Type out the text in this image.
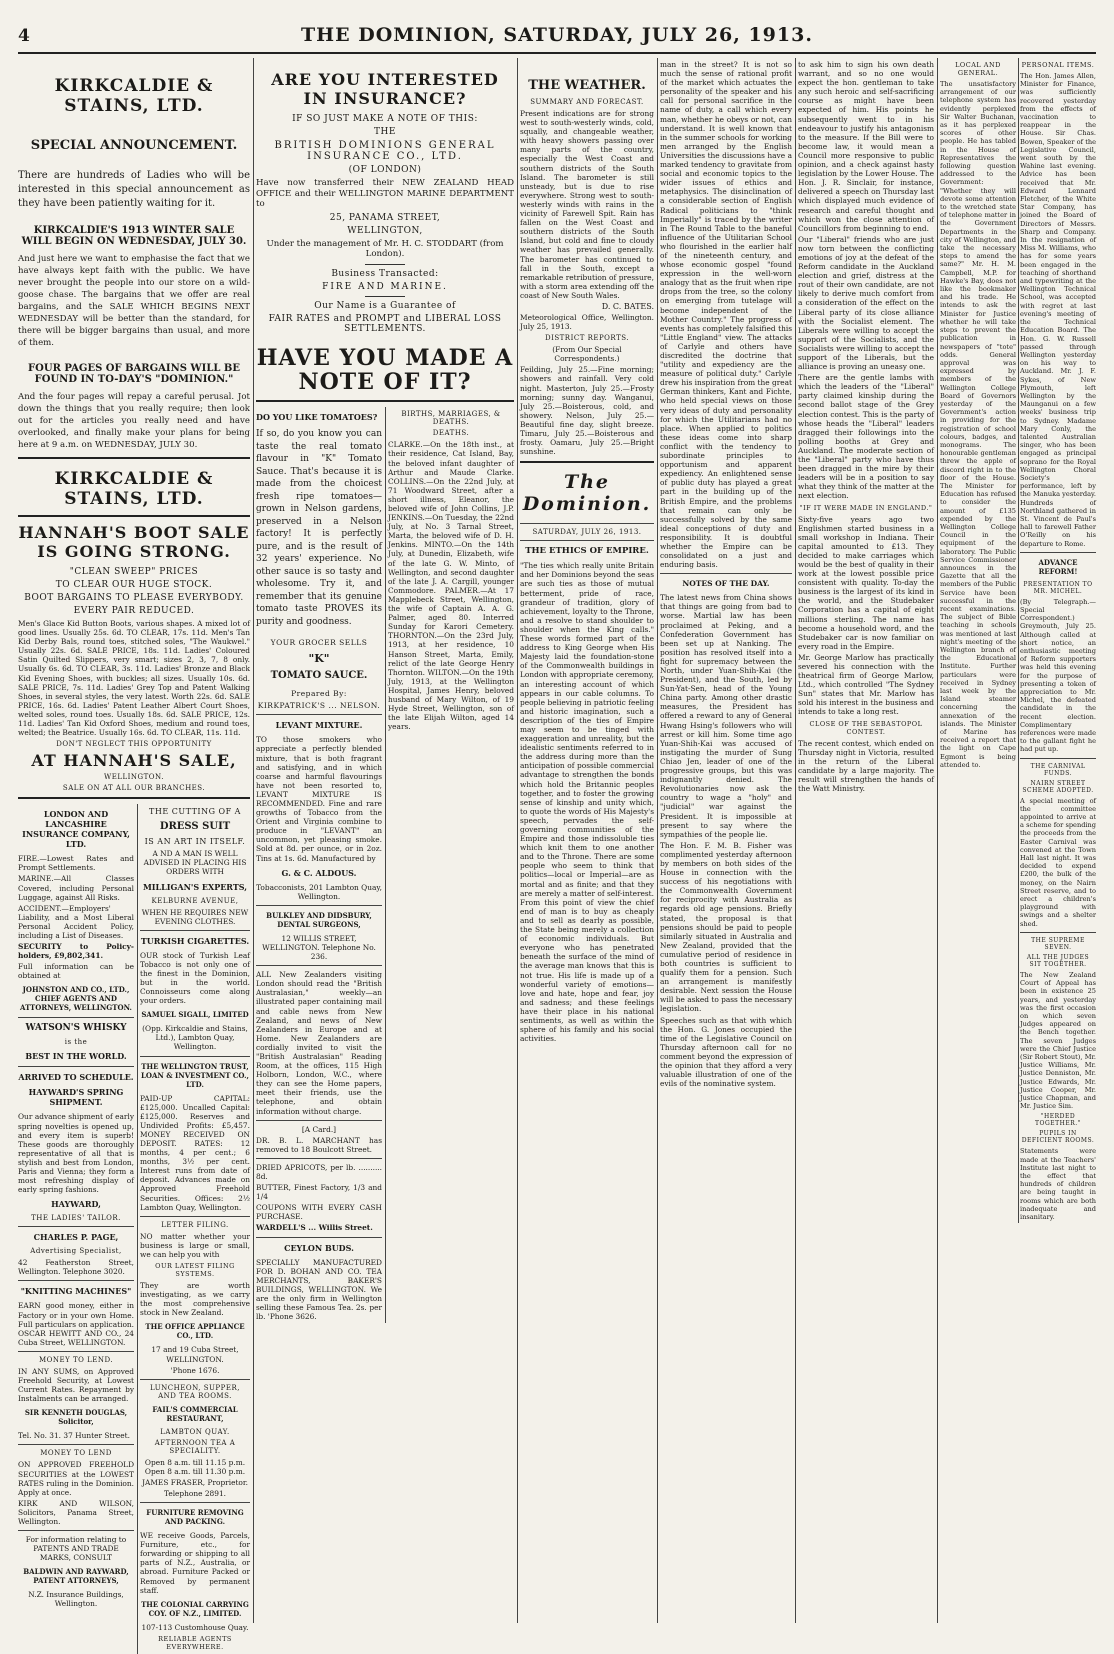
4	THE DOMINION, SATURDAY, JULY 26, 1913.
KIRKCALDIE & STAINS, LTD.
SPECIAL ANNOUNCEMENT.
There are hundreds of Ladies who will be interested in this special announcement as they have been patiently waiting for it.
KIRKCALDIE'S 1913 WINTER SALE WILL BEGIN ON WEDNESDAY, JULY 30.
And just here we want to emphasise the fact that we have always kept faith with the public. We have never brought the people into our store on a wild-goose chase. The bargains that we offer are real bargains, and the SALE WHICH BEGINS NEXT WEDNESDAY will be better than the standard, for there will be bigger bargains than usual, and more of them.
FOUR PAGES OF BARGAINS WILL BE FOUND IN TO-DAY'S "DOMINION."
And the four pages will repay a careful perusal. Jot down the things that you really require; then look out for the articles you really need and have overlooked, and finally make your plans for being here at 9 a.m. on WEDNESDAY, JULY 30.
KIRKCALDIE & STAINS, LTD.
HANNAH'S BOOT SALE IS GOING STRONG.
"CLEAN SWEEP" PRICES
TO CLEAR OUR HUGE STOCK.
BOOT BARGAINS TO PLEASE EVERYBODY.
EVERY PAIR REDUCED.
Men's Glace Kid Button Boots, various shapes. A mixed lot of good lines. Usually 25s. 6d. TO CLEAR, 17s. 11d. Men's Tan Kid Derby Bals, round toes, stitched soles, "The Waukwel." Usually 22s. 6d. SALE PRICE, 18s. 11d. Ladies' Coloured Satin Quilted Slippers, very smart; sizes 2, 3, 7, 8 only. Usually 6s. 6d. TO CLEAR, 3s. 11d. Ladies' Bronze and Black Kid Evening Shoes, with buckles; all sizes. Usually 10s. 6d. SALE PRICE, 7s. 11d. Ladies' Grey Top and Patent Walking Shoes, in several styles, the very latest. Worth 22s. 6d. SALE PRICE, 16s. 6d. Ladies' Patent Leather Albert Court Shoes, welted soles, round toes. Usually 18s. 6d. SALE PRICE, 12s. 11d. Ladies' Tan Kid Oxford Shoes, medium and round toes, welted; the Beatrice. Usually 16s. 6d. TO CLEAR, 11s. 11d.
DON'T NEGLECT THIS OPPORTUNITY
AT HANNAH'S SALE,
WELLINGTON.
SALE ON AT ALL OUR BRANCHES.
LONDON AND LANCASHIRE INSURANCE COMPANY, LTD.
FIRE.—Lowest Rates and Prompt Settlements.
MARINE.—All Classes Covered, including Personal Luggage, against All Risks.
ACCIDENT.—Employers' Liability, and a Most Liberal Personal Accident Policy, including a List of Diseases.
SECURITY to Policy-holders, £9,802,341.
Full information can be obtained at
JOHNSTON AND CO., LTD., CHIEF AGENTS AND ATTORNEYS, WELLINGTON.
WATSON'S WHISKY
is the
BEST IN THE WORLD.
ARRIVED TO SCHEDULE.
HAYWARD'S SPRING SHIPMENT.
Our advance shipment of early spring novelties is opened up, and every item is superb! These goods are thoroughly representative of all that is stylish and best from London, Paris and Vienna; they form a most refreshing display of early spring fashions.
HAYWARD,
THE LADIES' TAILOR.
CHARLES P. PAGE,
Advertising Specialist,
42 Featherston Street, Wellington. Telephone 3020.
"KNITTING MACHINES"
EARN good money, either in Factory or in your own Home. Full particulars on application. OSCAR HEWITT AND CO., 24 Cuba Street, WELLINGTON.
MONEY TO LEND.
IN ANY SUMS, on Approved Freehold Security, at Lowest Current Rates. Repayment by Instalments can be arranged.
SIR KENNETH DOUGLAS, Solicitor,
Tel. No. 31. 37 Hunter Street.
MONEY TO LEND
ON APPROVED FREEHOLD SECURITIES at the LOWEST RATES ruling in the Dominion. Apply at once.
KIRK AND WILSON, Solicitors, Panama Street, Wellington.
For information relating to PATENTS AND TRADE MARKS, CONSULT
BALDWIN AND RAYWARD, PATENT ATTORNEYS,
N.Z. Insurance Buildings, Wellington.
THE CUTTING OF A
DRESS SUIT
IS AN ART IN ITSELF.
A ND A MAN IS WELL ADVISED IN PLACING HIS ORDERS WITH
MILLIGAN'S EXPERTS,
KELBURNE AVENUE,
WHEN HE REQUIRES NEW EVENING CLOTHES.
TURKISH CIGARETTES.
OUR stock of Turkish Leaf Tobacco is not only one of the finest in the Dominion, but in the world. Connoisseurs come along your orders.
SAMUEL SIGALL, LIMITED
(Opp. Kirkcaldie and Stains, Ltd.), Lambton Quay, Wellington.
THE WELLINGTON TRUST, LOAN & INVESTMENT CO., LTD.
PAID-UP CAPITAL: £125,000. Uncalled Capital: £125,000. Reserves and Undivided Profits: £5,457. MONEY RECEIVED ON DEPOSIT. RATES: 12 months, 4 per cent.; 6 months, 3½ per cent. Interest runs from date of deposit. Advances made on Approved Freehold Securities. Offices: 2½ Lambton Quay, Wellington.
LETTER FILING.
NO matter whether your business is large or small, we can help you with
OUR LATEST FILING SYSTEMS.
They are worth investigating, as we carry the most comprehensive stock in New Zealand.
THE OFFICE APPLIANCE CO., LTD.
17 and 19 Cuba Street, WELLINGTON.
'Phone 1676.
LUNCHEON, SUPPER, AND TEA ROOMS.
FAIL'S COMMERCIAL RESTAURANT,
LAMBTON QUAY.
AFTERNOON TEA A SPECIALITY.
Open 8 a.m. till 11.15 p.m. Open 8 a.m. till 11.30 p.m.
JAMES FRASER, Proprietor.
Telephone 2891.
FURNITURE REMOVING AND PACKING.
WE receive Goods, Parcels, Furniture, etc., for forwarding or shipping to all parts of N.Z., Australia, or abroad. Furniture Packed or Removed by permanent staff.
THE COLONIAL CARRYING COY. OF N.Z., LIMITED.
107-113 Customhouse Quay.
RELIABLE AGENTS EVERYWHERE.
ARE YOU INTERESTED IN INSURANCE?
IF SO JUST MAKE A NOTE OF THIS:
THE
BRITISH DOMINIONS GENERAL INSURANCE CO., LTD.
(OF LONDON)
Have now transferred their NEW ZEALAND HEAD OFFICE and their WELLINGTON MARINE DEPARTMENT to
25, PANAMA STREET,
WELLINGTON,
Under the management of Mr. H. C. STODDART (from London).
Business Transacted:
FIRE AND MARINE.
Our Name is a Guarantee of
FAIR RATES and PROMPT and LIBERAL LOSS SETTLEMENTS.
HAVE YOU MADE A NOTE OF IT?
DO YOU LIKE TOMATOES?
If so, do you know you can taste the real tomato flavour in "K" Tomato Sauce. That's because it is made from the choicest fresh ripe tomatoes—grown in Nelson gardens, preserved in a Nelson factory! It is perfectly pure, and is the result of 32 years' experience. No other sauce is so tasty and wholesome. Try it, and remember that its genuine tomato taste PROVES its purity and goodness.
YOUR GROCER SELLS
"K"
TOMATO SAUCE.
Prepared By:
KIRKPATRICK'S ... NELSON.
LEVANT MIXTURE.
TO those smokers who appreciate a perfectly blended mixture, that is both fragrant and satisfying, and in which coarse and harmful flavourings have not been resorted to, LEVANT MIXTURE IS RECOMMENDED. Fine and rare growths of Tobacco from the Orient and Virginia combine to produce in "LEVANT" an uncommon, yet pleasing smoke. Sold at 8d. per ounce, or in 2oz. Tins at 1s. 6d. Manufactured by
G. & C. ALDOUS.
Tobacconists, 201 Lambton Quay, Wellington.
BULKLEY AND DIDSBURY, DENTAL SURGEONS,
12 WILLIS STREET, WELLINGTON. Telephone No. 236.
ALL New Zealanders visiting London should read the "British Australasian," weekly—an illustrated paper containing mail and cable news from New Zealand, and news of New Zealanders in Europe and at Home. New Zealanders are cordially invited to visit the "British Australasian" Reading Room, at the offices, 115 High Holborn, London, W.C., where they can see the Home papers, meet their friends, use the telephone, and obtain information without charge.
[A Card.]
DR. B. L. MARCHANT has removed to 18 Boulcott Street.
DRIED APRICOTS, per lb. .......... 8d.
BUTTER, Finest Factory, 1/3 and 1/4
COUPONS WITH EVERY CASH PURCHASE.
WARDELL'S ... Willis Street.
CEYLON BUDS.
SPECIALLY MANUFACTURED FOR D. BOHAN AND CO. TEA MERCHANTS, BAKER'S BUILDINGS, WELLINGTON. We are the only firm in Wellington selling these Famous Tea. 2s. per lb. 'Phone 3626.
BIRTHS, MARRIAGES, & DEATHS.
DEATHS.
CLARKE.—On the 18th inst., at their residence, Cat Island, Bay, the beloved infant daughter of Arthur and Maude Clarke. COLLINS.—On the 22nd July, at 71 Woodward Street, after a short illness, Eleanor, the beloved wife of John Collins, J.P. JENKINS.—On Tuesday, the 22nd July, at No. 3 Tarnal Street, Marta, the beloved wife of D. H. Jenkins. MINTO.—On the 14th July, at Dunedin, Elizabeth, wife of the late G. W. Minto, of Wellington, and second daughter of the late J. A. Cargill, younger Commodore. PALMER.—At 17 Mapplebeck Street, Wellington, the wife of Captain A. A. G. Palmer, aged 80. Interred Sunday for Karori Cemetery. THORNTON.—On the 23rd July, 1913, at her residence, 10 Hanson Street, Marta, Emily, relict of the late George Henry Thornton. WILTON.—On the 19th July, 1913, at the Wellington Hospital, James Henry, beloved husband of Mary Wilton, of 19 Hyde Street, Wellington, son of the late Elijah Wilton, aged 14 years.
THE WEATHER.
SUMMARY AND FORECAST.
Present indications are for strong west to south-westerly winds, cold, squally, and changeable weather, with heavy showers passing over many parts of the country, especially the West Coast and southern districts of the South Island. The barometer is still unsteady, but is due to rise everywhere. Strong west to south-westerly winds with rains in the vicinity of Farewell Spit. Rain has fallen on the West Coast and southern districts of the South Island, but cold and fine to cloudy weather has prevailed generally. The barometer has continued to fall in the South, except a remarkable retribution of pressure, with a storm area extending off the coast of New South Wales.
D. C. BATES.
Meteorological Office, Wellington. July 25, 1913.
DISTRICT REPORTS.
(From Our Special Correspondents.)
Feilding, July 25.—Fine morning; showers and rainfall. Very cold night. Masterton, July 25.—Frosty morning; sunny day. Wanganui, July 25.—Boisterous, cold, and showery. Nelson, July 25.—Beautiful fine day, slight breeze. Timaru, July 25.—Boisterous and frosty. Oamaru, July 25.—Bright sunshine.
The Dominion.
SATURDAY, JULY 26, 1913.
THE ETHICS OF EMPIRE.
"The ties which really unite Britain and her Dominions beyond the seas are such ties as those of mutual betterment, pride of race, grandeur of tradition, glory of achievement, loyalty to the Throne, and a resolve to stand shoulder to shoulder when the King calls." These words formed part of the address to King George when His Majesty laid the foundation-stone of the Commonwealth buildings in London with appropriate ceremony, an interesting account of which appears in our cable columns. To people believing in patriotic feeling and historic imagination, such a description of the ties of Empire may seem to be tinged with exaggeration and unreality, but the idealistic sentiments referred to in the address during more than the anticipation of possible commercial advantage to strengthen the bonds which hold the Britannic peoples together, and to foster the growing sense of kinship and unity which, to quote the words of His Majesty's speech, pervades the self-governing communities of the Empire and those indissoluble ties which knit them to one another and to the Throne. There are some people who seem to think that politics—local or Imperial—are as mortal and as finite; and that they are merely a matter of self-interest. From this point of view the chief end of man is to buy as cheaply and to sell as dearly as possible, the State being merely a collection of economic individuals. But everyone who has penetrated beneath the surface of the mind of the average man knows that this is not true. His life is made up of a wonderful variety of emotions—love and hate, hope and fear, joy and sadness; and these feelings have their place in his national sentiments, as well as within the sphere of his family and his social activities.
man in the street? It is not so much the sense of rational profit of the market which actuates the personality of the speaker and his call for personal sacrifice in the name of duty, a call which every man, whether he obeys or not, can understand. It is well known that in the summer schools for working men arranged by the English Universities the discussions have a marked tendency to gravitate from social and economic topics to the wider issues of ethics and metaphysics. The disinclination of a considerable section of English Radical politicians to "think Imperially" is traced by the writer in The Round Table to the baneful influence of the Utilitarian School who flourished in the earlier half of the nineteenth century, and whose economic gospel "found expression in the well-worn analogy that as the fruit when ripe drops from the tree, so the colony on emerging from tutelage will become independent of the Mother Country." The progress of events has completely falsified this "Little England" view. The attacks of Carlyle and others have discredited the doctrine that "utility and expediency are the measure of political duty." Carlyle drew his inspiration from the great German thinkers, Kant and Fichte, who held special views on those very ideas of duty and personality for which the Utilitarians had no place. When applied to politics these ideas come into sharp conflict with the tendency to subordinate principles to opportunism and apparent expediency. An enlightened sense of public duty has played a great part in the building up of the British Empire, and the problems that remain can only be successfully solved by the same ideal conceptions of duty and responsibility. It is doubtful whether the Empire can be consolidated on a just and enduring basis.
NOTES OF THE DAY.
The latest news from China shows that things are going from bad to worse. Martial law has been proclaimed at Peking, and a Confederation Government has been set up at Nanking. The position has resolved itself into a fight for supremacy between the North, under Yuan-Shih-Kai (the President), and the South, led by Sun-Yat-Sen, head of the Young China party. Among other drastic measures, the President has offered a reward to any of General Hwang Hsing's followers who will arrest or kill him. Some time ago Yuan-Shih-Kai was accused of instigating the murder of Sung Chiao Jen, leader of one of the progressive groups, but this was indignantly denied. The Revolutionaries now ask the country to wage a "holy" and "judicial" war against the President. It is impossible at present to say where the sympathies of the people lie.
The Hon. F. M. B. Fisher was complimented yesterday afternoon by members on both sides of the House in connection with the success of his negotiations with the Commonwealth Government for reciprocity with Australia as regards old age pensions. Briefly stated, the proposal is that pensions should be paid to people similarly situated in Australia and New Zealand, provided that the cumulative period of residence in both countries is sufficient to qualify them for a pension. Such an arrangement is manifestly desirable. Next session the House will be asked to pass the necessary legislation.
Speeches such as that with which the Hon. G. Jones occupied the time of the Legislative Council on Thursday afternoon call for no comment beyond the expression of the opinion that they afford a very valuable illustration of one of the evils of the nominative system.
to ask him to sign his own death warrant, and so no one would expect the hon. gentleman to take any such heroic and self-sacrificing course as might have been expected of him. His points he subsequently went to in his endeavour to justify his antagonism to the measure. If the Bill were to become law, it would mean a Council more responsive to public opinion, and a check against hasty legislation by the Lower House. The Hon. J. R. Sinclair, for instance, delivered a speech on Thursday last which displayed much evidence of research and careful thought and which won the close attention of Councillors from beginning to end.
Our "Liberal" friends who are just now torn between the conflicting emotions of joy at the defeat of the Reform candidate in the Auckland election and grief, distress at the rout of their own candidate, are not likely to derive much comfort from a consideration of the effect on the Liberal party of its close alliance with the Socialist element. The Liberals were willing to accept the support of the Socialists, and the Socialists were willing to accept the support of the Liberals, but the alliance is proving an uneasy one.
There are the gentle lambs with which the leaders of the "Liberal" party claimed kinship during the second ballot stage of the Grey election contest. This is the party of whose heads the "Liberal" leaders dragged their followings into the polling booths at Grey and Auckland. The moderate section of the "Liberal" party who have thus been dragged in the mire by their leaders will be in a position to say what they think of the matter at the next election.
"IF IT WERE MADE IN ENGLAND."
Sixty-five years ago two Englishmen started business in a small workshop in Indiana. Their capital amounted to £13. They decided to make carriages which would be the best of quality in their work at the lowest possible price consistent with quality. To-day the business is the largest of its kind in the world, and the Studebaker Corporation has a capital of eight millions sterling. The name has become a household word, and the Studebaker car is now familiar on every road in the Empire.
Mr. George Marlow has practically severed his connection with the theatrical firm of George Marlow, Ltd., which controlled "The Sydney Sun" states that Mr. Marlow has sold his interest in the business and intends to take a long rest.
CLOSE OF THE SEBASTOPOL CONTEST.
The recent contest, which ended on Thursday night in Victoria, resulted in the return of the Liberal candidate by a large majority. The result will strengthen the hands of the Watt Ministry.
LOCAL AND GENERAL.
The unsatisfactory arrangement of our telephone system has evidently perplexed Sir Walter Buchanan, as it has perplexed scores of other people. He has tabled in the House of Representatives the following question addressed to the Government: "Whether they will devote some attention to the wretched state of telephone matter in the Government Departments in the city of Wellington, and take the necessary steps to amend the same?" Mr. H. M. Campbell, M.P. for Hawke's Bay, does not like the bookmaker and his trade. He intends to ask the Minister for Justice whether he will take steps to prevent the publication in newspapers of "tote" odds. General approval was expressed by members of the Wellington College Board of Governors yesterday of the Government's action in providing for the registration of school colours, badges, and monograms. The honourable gentleman threw the apple of discord right in to the floor of the House. The Minister for Education has refused to consider the amount of £135 expended by the Wellington College Council in the equipment of the laboratory. The Public Service Commissioner announces in the Gazette that all the members of the Public Service have been successful in the recent examinations. The subject of Bible teaching in schools was mentioned at last night's meeting of the Wellington branch of the Educational Institute. Further particulars were received in Sydney last week by the Island steamer concerning the annexation of the islands. The Minister of Marine has received a report that the light on Cape Egmont is being attended to.
PERSONAL ITEMS.
The Hon. James Allen, Minister for Finance, was sufficiently recovered yesterday from the effects of vaccination to reappear in the House. Sir Chas. Bowen, Speaker of the Legislative Council, went south by the Wahine last evening. Advice has been received that Mr. Edward Lennard Fletcher, of the White Star Company, has joined the Board of Directors of Messrs. Sharp and Company. In the resignation of Miss M. Williams, who has for some years been engaged in the teaching of shorthand and typewriting at the Wellington Technical School, was accepted with regret at last evening's meeting of the Technical Education Board. The Hon. G. W. Russell passed through Wellington yesterday on his way to Auckland. Mr. J. F. Sykes, of New Plymouth, left Wellington by the Maunganui on a few weeks' business trip to Sydney. Madame Mary Conly, the talented Australian singer, who has been engaged as principal soprano for the Royal Wellington Choral Society's performance, left by the Manuka yesterday. Hundreds of Northland gathered in St. Vincent de Paul's hall to farewell Father O'Reilly on his departure to Rome.
ADVANCE REFORM!
PRESENTATION TO MR. MICHEL.
(By Telegraph.—Special Correspondent.) Greymouth, July 25. Although called at short notice, an enthusiastic meeting of Reform supporters was held this evening for the purpose of presenting a token of appreciation to Mr. Michel, the defeated candidate in the recent election. Complimentary references were made to the gallant fight he had put up.
THE CARNIVAL FUNDS.
NAIRN STREET SCHEME ADOPTED.
A special meeting of the committee appointed to arrive at a scheme for spending the proceeds from the Easter Carnival was convened at the Town Hall last night. It was decided to expend £200, the bulk of the money, on the Nairn Street reserve, and to erect a children's playground with swings and a shelter shed.
THE SUPREME SEVEN.
ALL THE JUDGES SIT TOGETHER.
The New Zealand Court of Appeal has been in existence 25 years, and yesterday was the first occasion on which seven Judges appeared on the Bench together. The seven Judges were the Chief Justice (Sir Robert Stout), Mr. Justice Williams, Mr. Justice Denniston, Mr. Justice Edwards, Mr. Justice Cooper, Mr. Justice Chapman, and Mr. Justice Sim.
"HERDED TOGETHER."
PUPILS IN DEFICIENT ROOMS.
Statements were made at the Teachers' Institute last night to the effect that hundreds of children are being taught in rooms which are both inadequate and insanitary.
